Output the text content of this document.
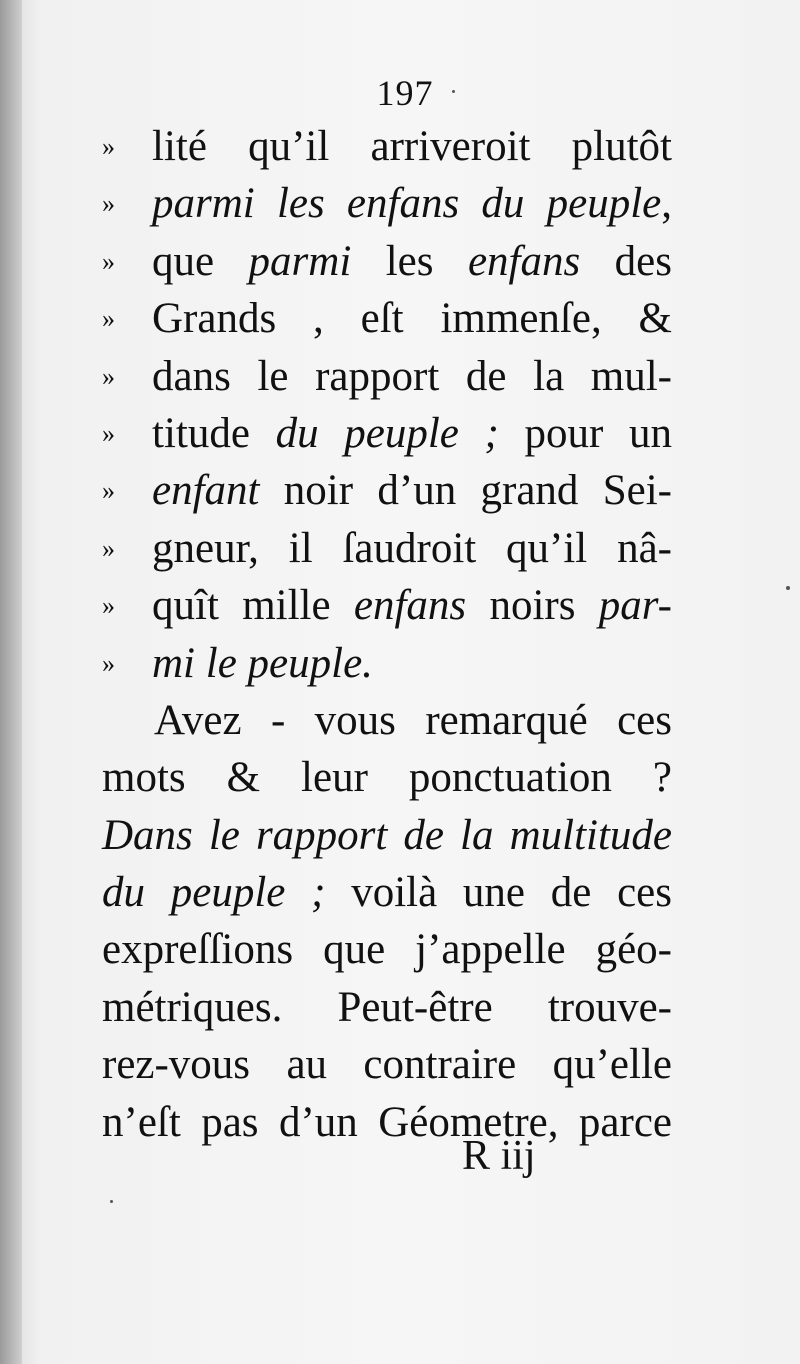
197
» lité qu’il arriveroit plutôt
» parmi les enfans du peuple,
» que parmi les enfans des
» Grands , eſt immenſe, &
» dans le rapport de la mul-
» titude du peuple ; pour un
» enfant noir d’un grand Sei-
» gneur, il ſaudroit qu’il nâ-
» quît mille enfans noirs par-
» mi le peuple.
Avez - vous remarqué ces
mots & leur ponctuation ?
Dans le rapport de la multitude
du peuple ; voilà une de ces
expreſſions que j’appelle géo-
métriques. Peut-être trouve-
rez-vous au contraire qu’elle
n’eſt pas d’un Géometre, parce
R iij
